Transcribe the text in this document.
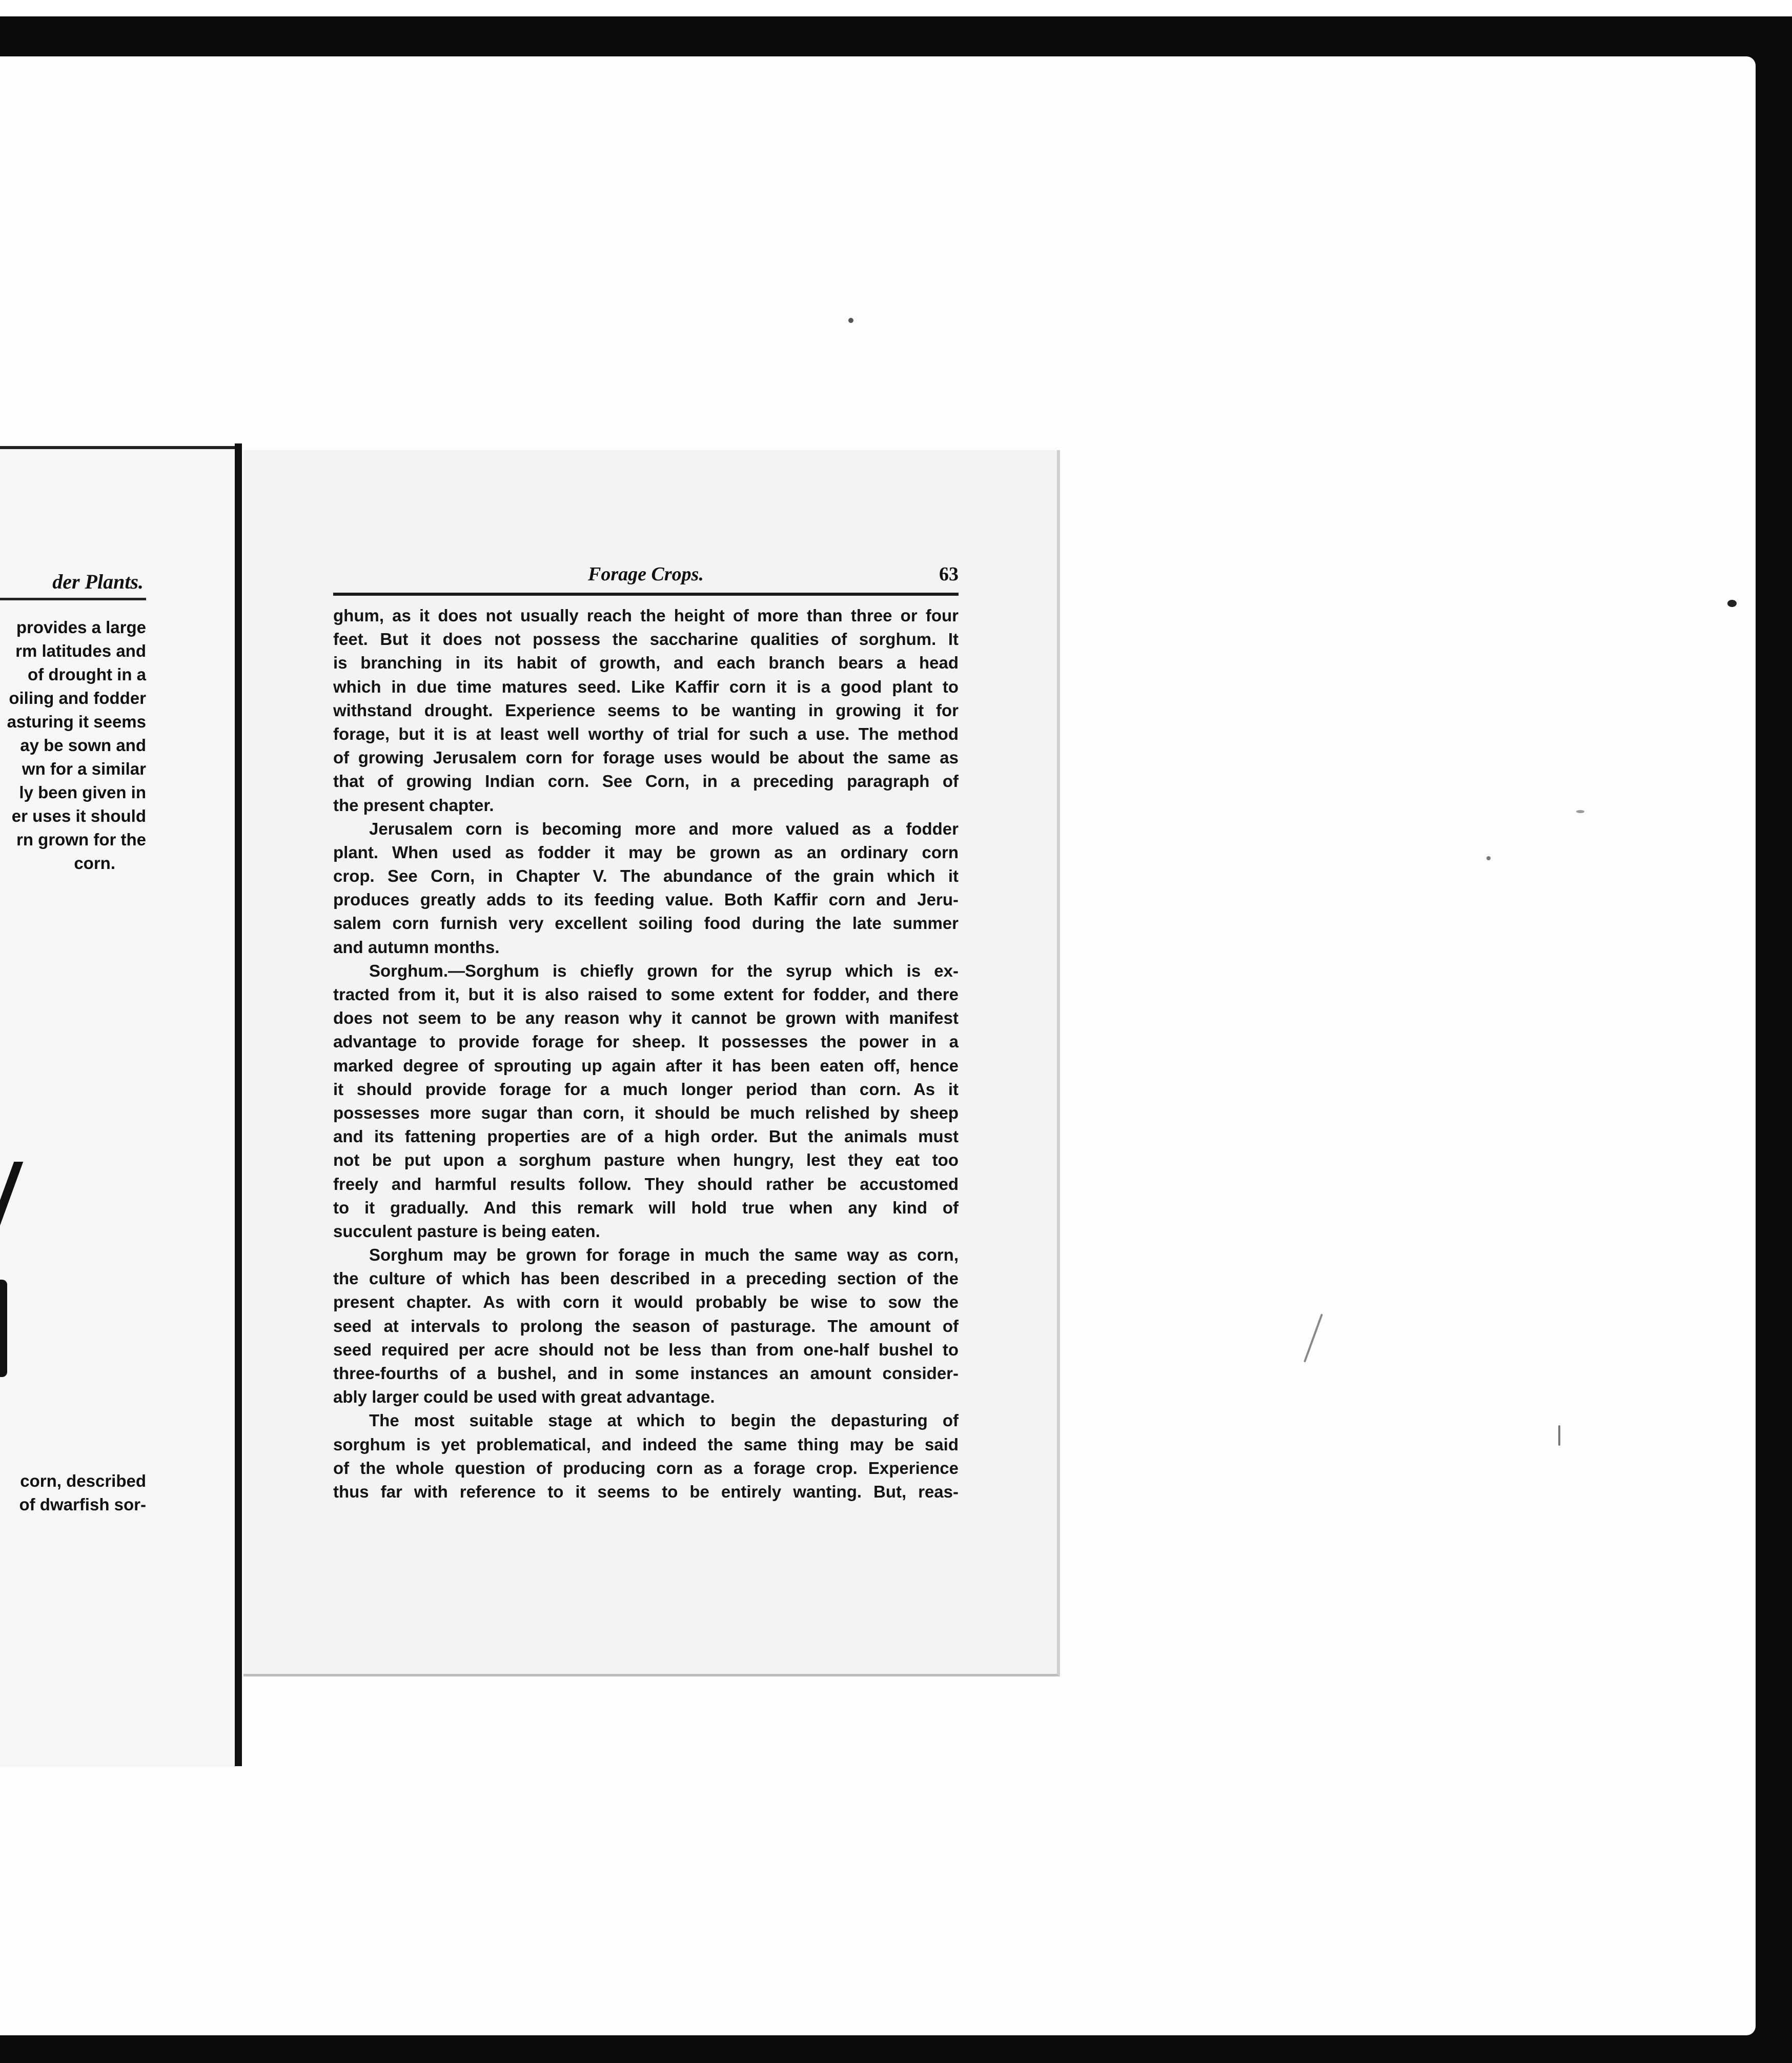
der Plants.
provides a large
rm latitudes and
of drought in a
oiling and fodder
asturing it seems
ay be sown and
wn for a similar
ly been given in
er uses it should
rn grown for the
corn.
corn, described
of dwarfish sor-
Forage Crops.	63
ghum, as it does not usually reach the height of more than three or four
feet. But it does not possess the saccharine qualities of sorghum. It
is branching in its habit of growth, and each branch bears a head
which in due time matures seed. Like Kaffir corn it is a good plant to
withstand drought. Experience seems to be wanting in growing it for
forage, but it is at least well worthy of trial for such a use. The method
of growing Jerusalem corn for forage uses would be about the same as
that of growing Indian corn. See Corn, in a preceding paragraph of
the present chapter.
Jerusalem corn is becoming more and more valued as a fodder
plant. When used as fodder it may be grown as an ordinary corn
crop. See Corn, in Chapter V. The abundance of the grain which it
produces greatly adds to its feeding value. Both Kaffir corn and Jeru-
salem corn furnish very excellent soiling food during the late summer
and autumn months.
Sorghum. —Sorghum is chiefly grown for the syrup which is ex-
tracted from it, but it is also raised to some extent for fodder, and there
does not seem to be any reason why it cannot be grown with manifest
advantage to provide forage for sheep. It possesses the power in a
marked degree of sprouting up again after it has been eaten off, hence
it should provide forage for a much longer period than corn. As it
possesses more sugar than corn, it should be much relished by sheep
and its fattening properties are of a high order. But the animals must
not be put upon a sorghum pasture when hungry, lest they eat too
freely and harmful results follow. They should rather be accustomed
to it gradually. And this remark will hold true when any kind of
succulent pasture is being eaten.
Sorghum may be grown for forage in much the same way as corn,
the culture of which has been described in a preceding section of the
present chapter. As with corn it would probably be wise to sow the
seed at intervals to prolong the season of pasturage. The amount of
seed required per acre should not be less than from one-half bushel to
three-fourths of a bushel, and in some instances an amount consider-
ably larger could be used with great advantage.
The most suitable stage at which to begin the depasturing of
sorghum is yet problematical, and indeed the same thing may be said
of the whole question of producing corn as a forage crop. Experience
thus far with reference to it seems to be entirely wanting. But, reas-
